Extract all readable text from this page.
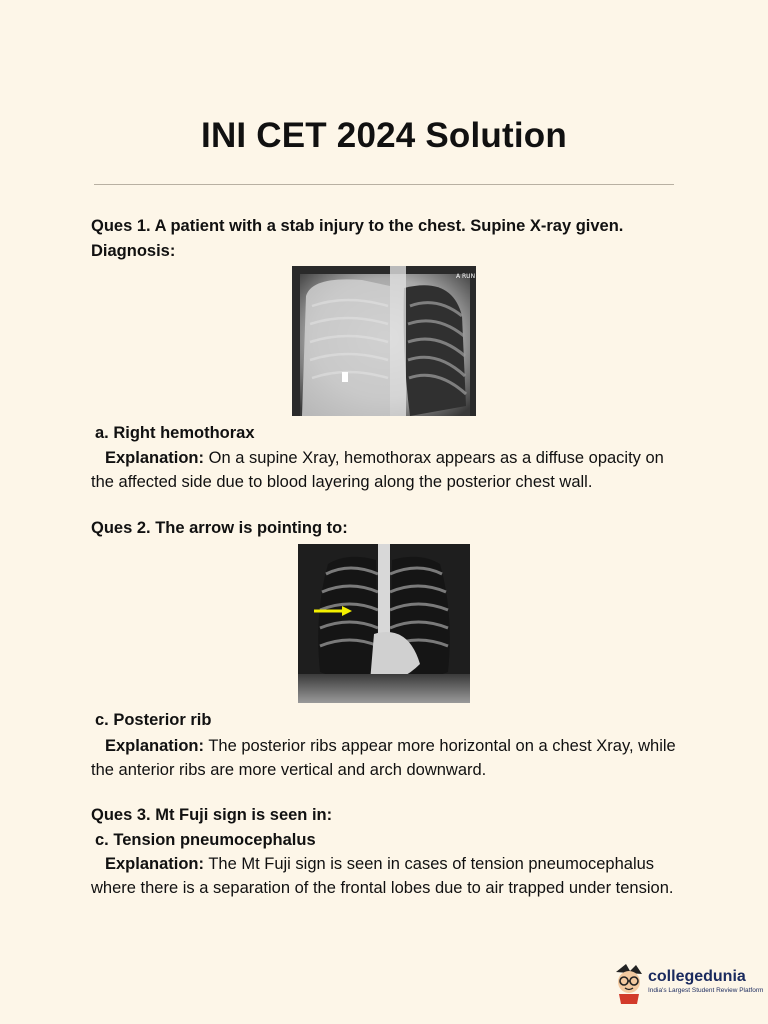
INI CET 2024 Solution
Ques 1. A patient with a stab injury to the chest. Supine X-ray given. Diagnosis:
A RUN
a. Right hemothorax
Explanation: On a supine Xray, hemothorax appears as a diffuse opacity on the affected side due to blood layering along the posterior chest wall.
Ques 2. The arrow is pointing to:
c. Posterior rib
Explanation: The posterior ribs appear more horizontal on a chest Xray, while the anterior ribs are more vertical and arch downward.
Ques 3. Mt Fuji sign is seen in:
c. Tension pneumocephalus
Explanation: The Mt Fuji sign is seen in cases of tension pneumocephalus where there is a separation of the frontal lobes due to air trapped under tension.
collegedunia
India's Largest Student Review Platform
